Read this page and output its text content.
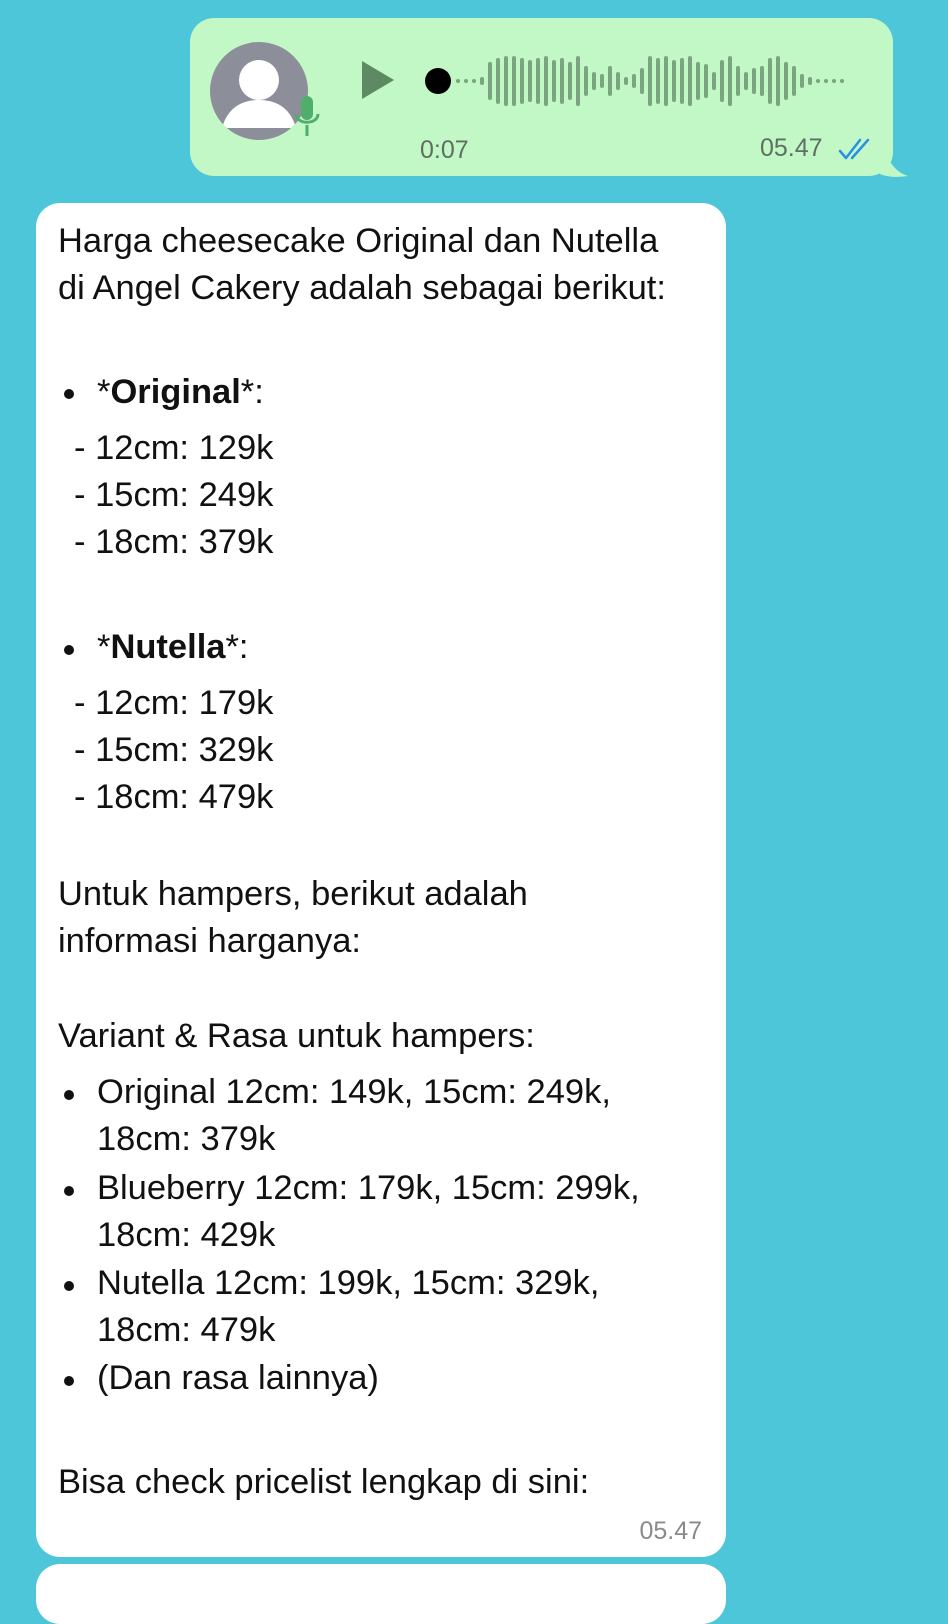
0:07	05.47
Harga cheesecake Original dan Nutella
di Angel Cakery adalah sebagai berikut:
*Original*:
- 12cm: 129k
- 15cm: 249k
- 18cm: 379k
*Nutella*:
- 12cm: 179k
- 15cm: 329k
- 18cm: 479k
Untuk hampers, berikut adalah
informasi harganya:
Variant & Rasa untuk hampers:
Original 12cm: 149k, 15cm: 249k,
18cm: 379k
Blueberry 12cm: 179k, 15cm: 299k,
18cm: 429k
Nutella 12cm: 199k, 15cm: 329k,
18cm: 479k
(Dan rasa lainnya)
Bisa check pricelist lengkap di sini:
05.47
